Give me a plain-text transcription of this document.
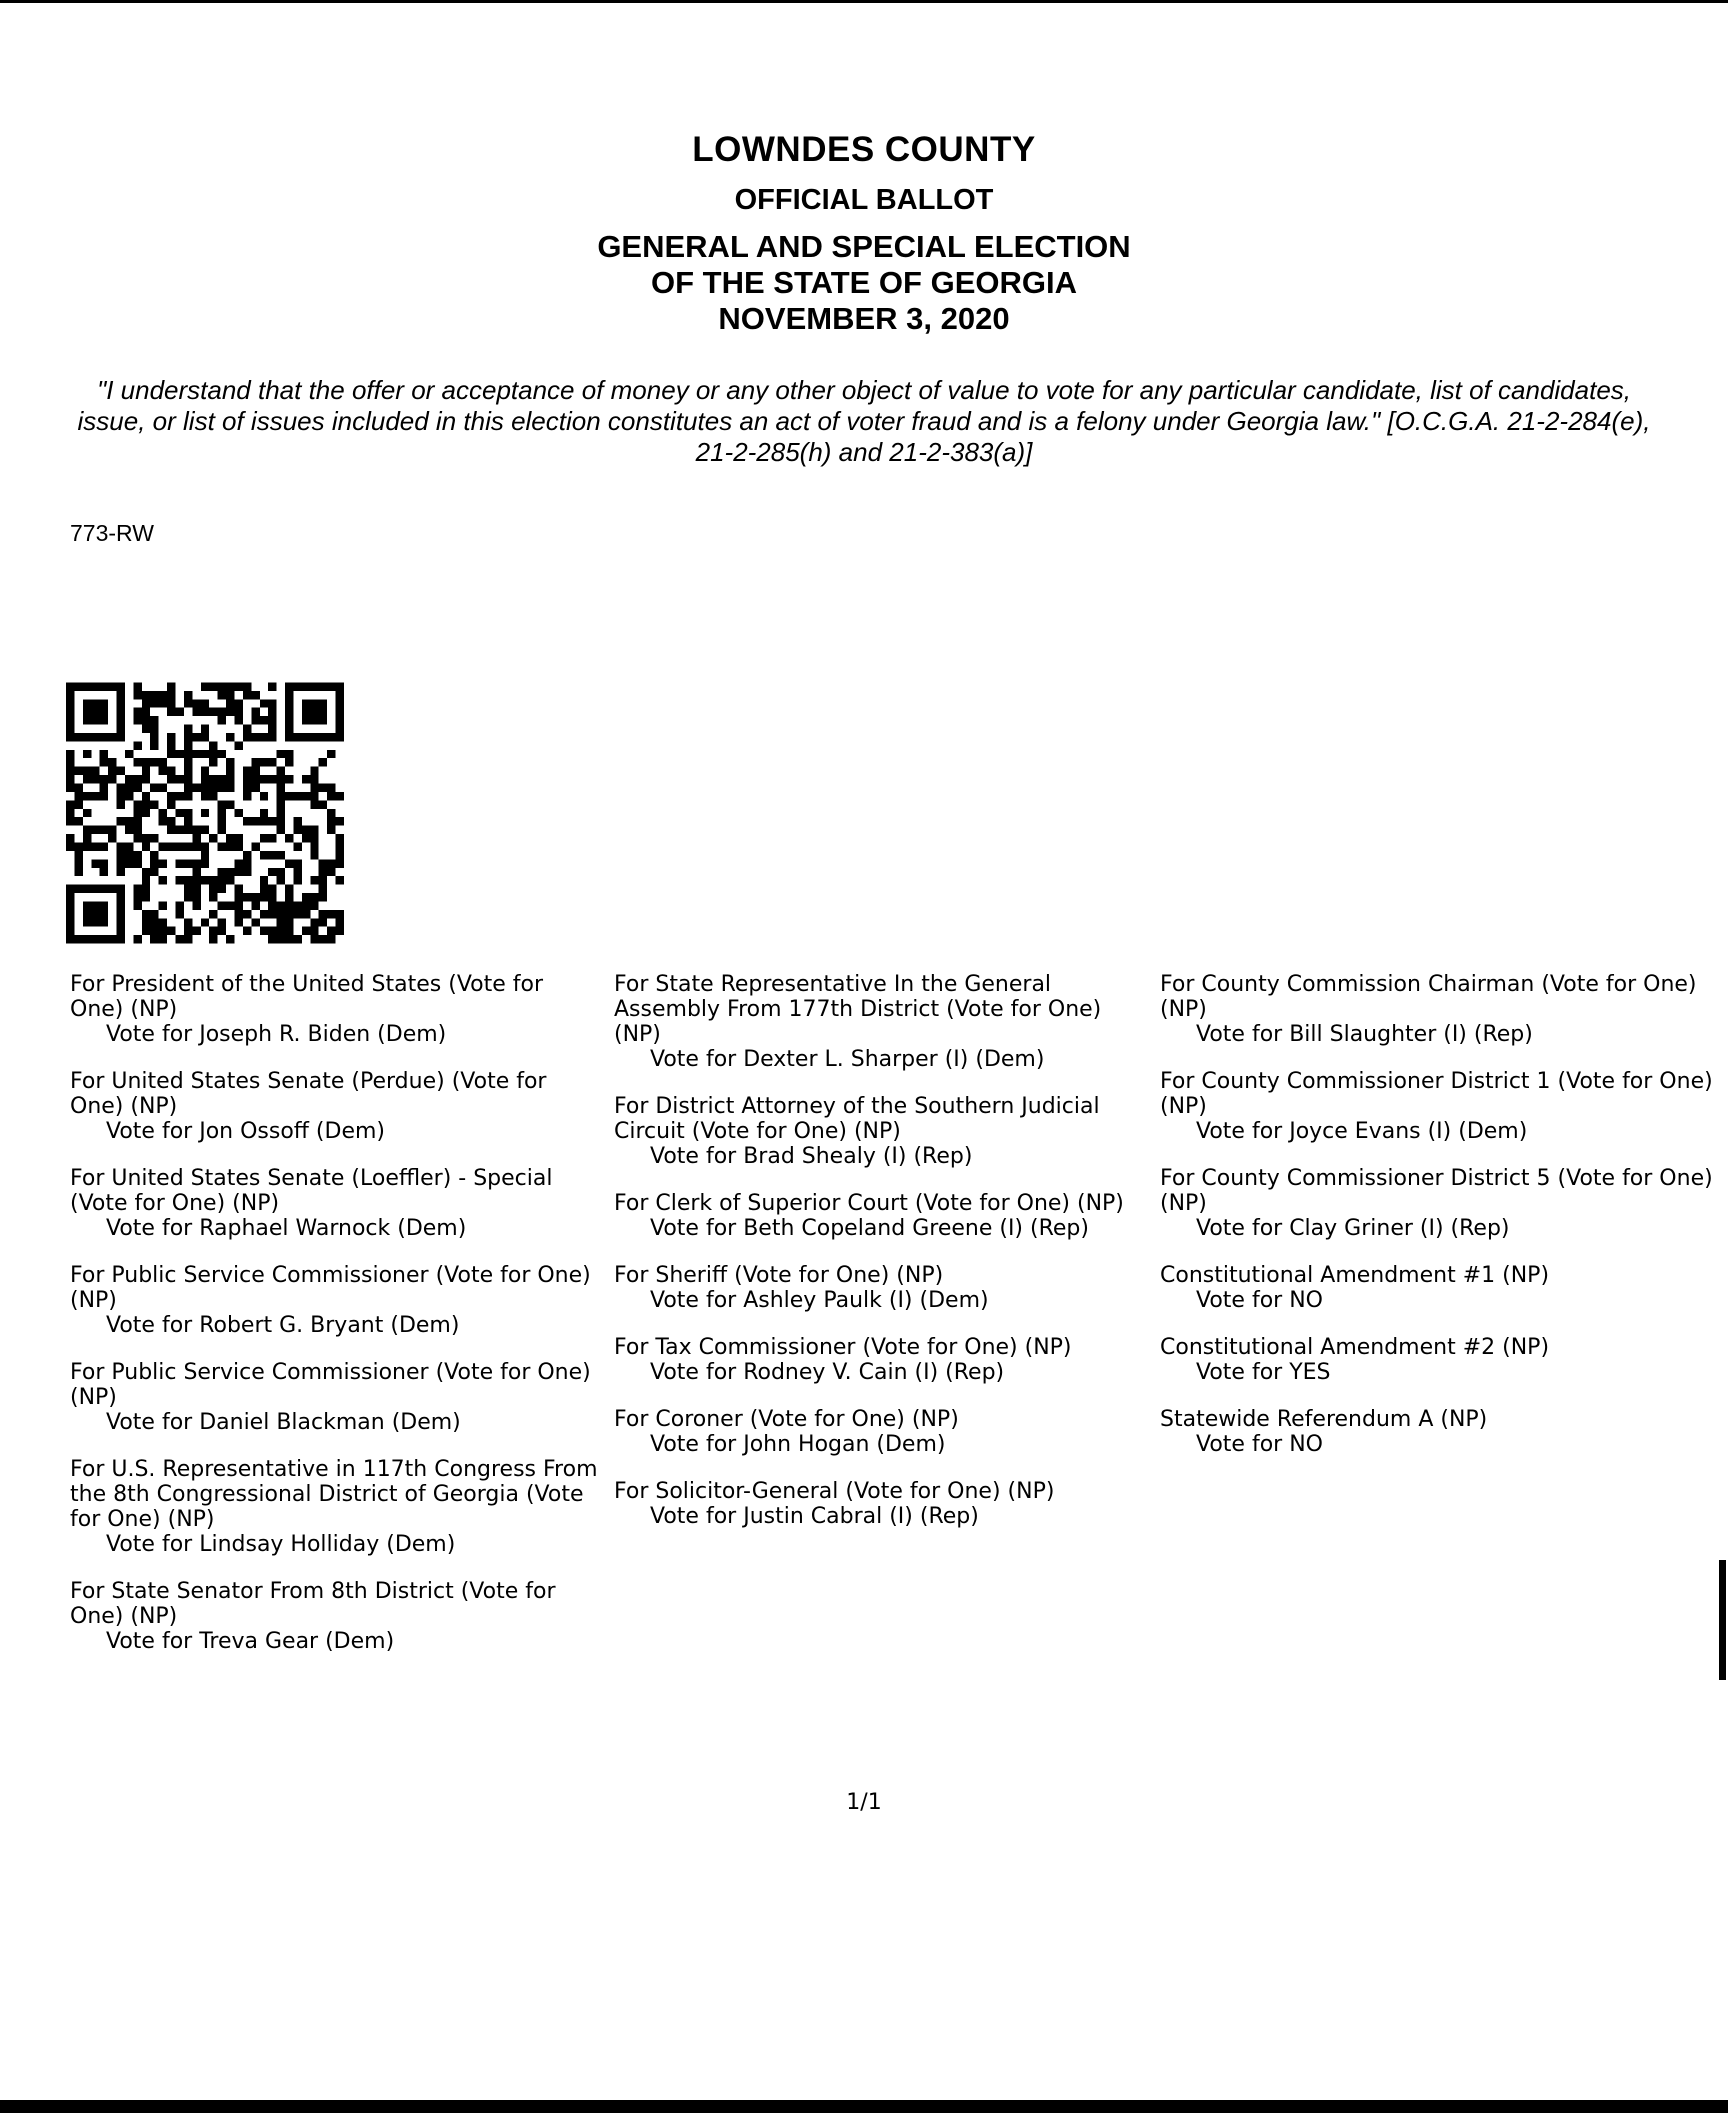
LOWNDES COUNTY
OFFICIAL BALLOT
GENERAL AND SPECIAL ELECTION
OF THE STATE OF GEORGIA
NOVEMBER 3, 2020
"I understand that the offer or acceptance of money or any other object of value to vote for any particular candidate, list of candidates, issue, or list of issues included in this election constitutes an act of voter fraud and is a felony under Georgia law." [O.C.G.A. 21-2-284(e), 21-2-285(h) and 21-2-383(a)]
773-RW
For President of the United States (Vote for One) (NP)
Vote for Joseph R. Biden (Dem)
For United States Senate (Perdue) (Vote for One) (NP)
Vote for Jon Ossoff (Dem)
For United States Senate (Loeffler) - Special (Vote for One) (NP)
Vote for Raphael Warnock (Dem)
For Public Service Commissioner (Vote for One) (NP)
Vote for Robert G. Bryant (Dem)
For Public Service Commissioner (Vote for One) (NP)
Vote for Daniel Blackman (Dem)
For U.S. Representative in 117th Congress From the 8th Congressional District of Georgia (Vote for One) (NP)
Vote for Lindsay Holliday (Dem)
For State Senator From 8th District (Vote for One) (NP)
Vote for Treva Gear (Dem)
For State Representative In the General Assembly From 177th District (Vote for One) (NP)
Vote for Dexter L. Sharper (I) (Dem)
For District Attorney of the Southern Judicial Circuit (Vote for One) (NP)
Vote for Brad Shealy (I) (Rep)
For Clerk of Superior Court (Vote for One) (NP)
Vote for Beth Copeland Greene (I) (Rep)
For Sheriff (Vote for One) (NP)
Vote for Ashley Paulk (I) (Dem)
For Tax Commissioner (Vote for One) (NP)
Vote for Rodney V. Cain (I) (Rep)
For Coroner (Vote for One) (NP)
Vote for John Hogan (Dem)
For Solicitor-General (Vote for One) (NP)
Vote for Justin Cabral (I) (Rep)
For County Commission Chairman (Vote for One) (NP)
Vote for Bill Slaughter (I) (Rep)
For County Commissioner District 1 (Vote for One) (NP)
Vote for Joyce Evans (I) (Dem)
For County Commissioner District 5 (Vote for One) (NP)
Vote for Clay Griner (I) (Rep)
Constitutional Amendment #1 (NP)
Vote for NO
Constitutional Amendment #2 (NP)
Vote for YES
Statewide Referendum A (NP)
Vote for NO
1/1
